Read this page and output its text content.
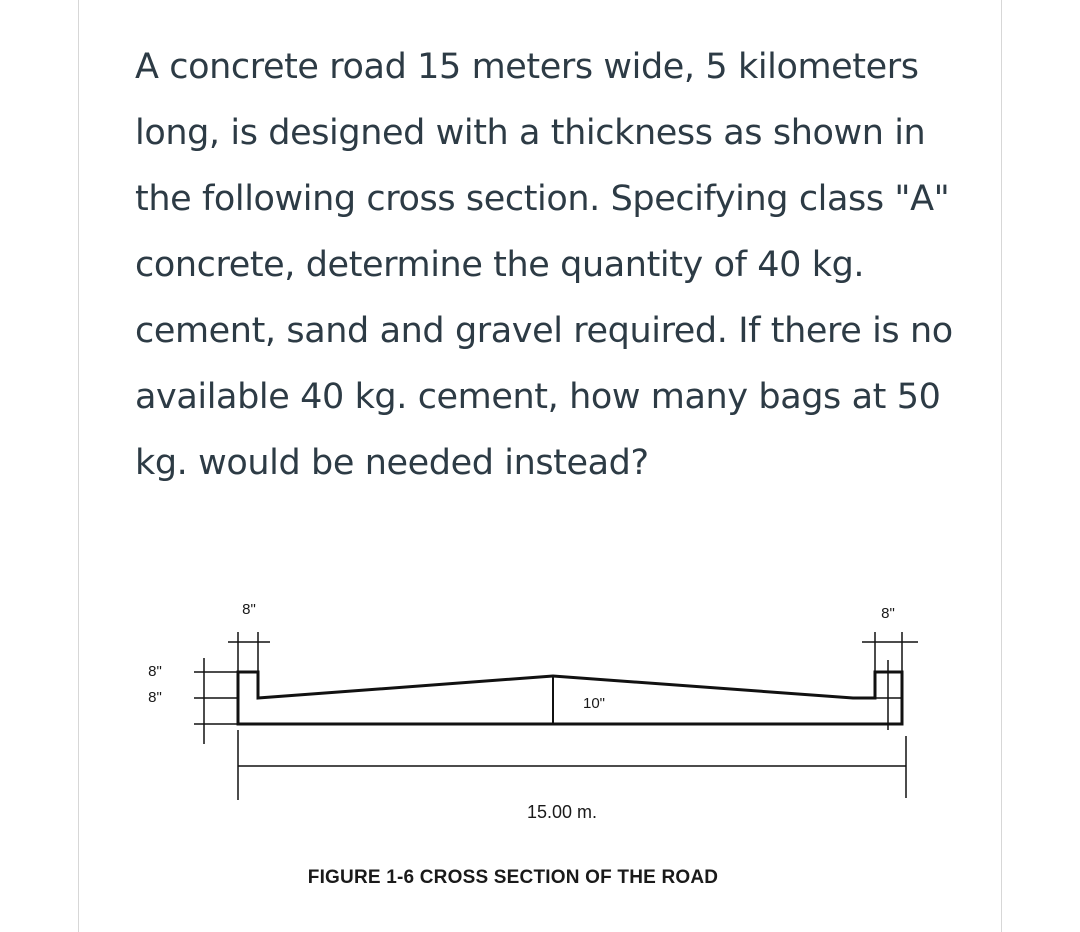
A concrete road 15 meters wide, 5 kilometers long, is designed with a thickness as shown in the following cross section. Specifying class "A" concrete, determine the quantity of 40 kg. cement, sand and gravel required. If there is no available 40 kg. cement, how many bags at 50 kg. would be needed instead?

8"	8"
8"
8"	10"
15.00 m.
FIGURE 1-6 CROSS SECTION OF THE ROAD
